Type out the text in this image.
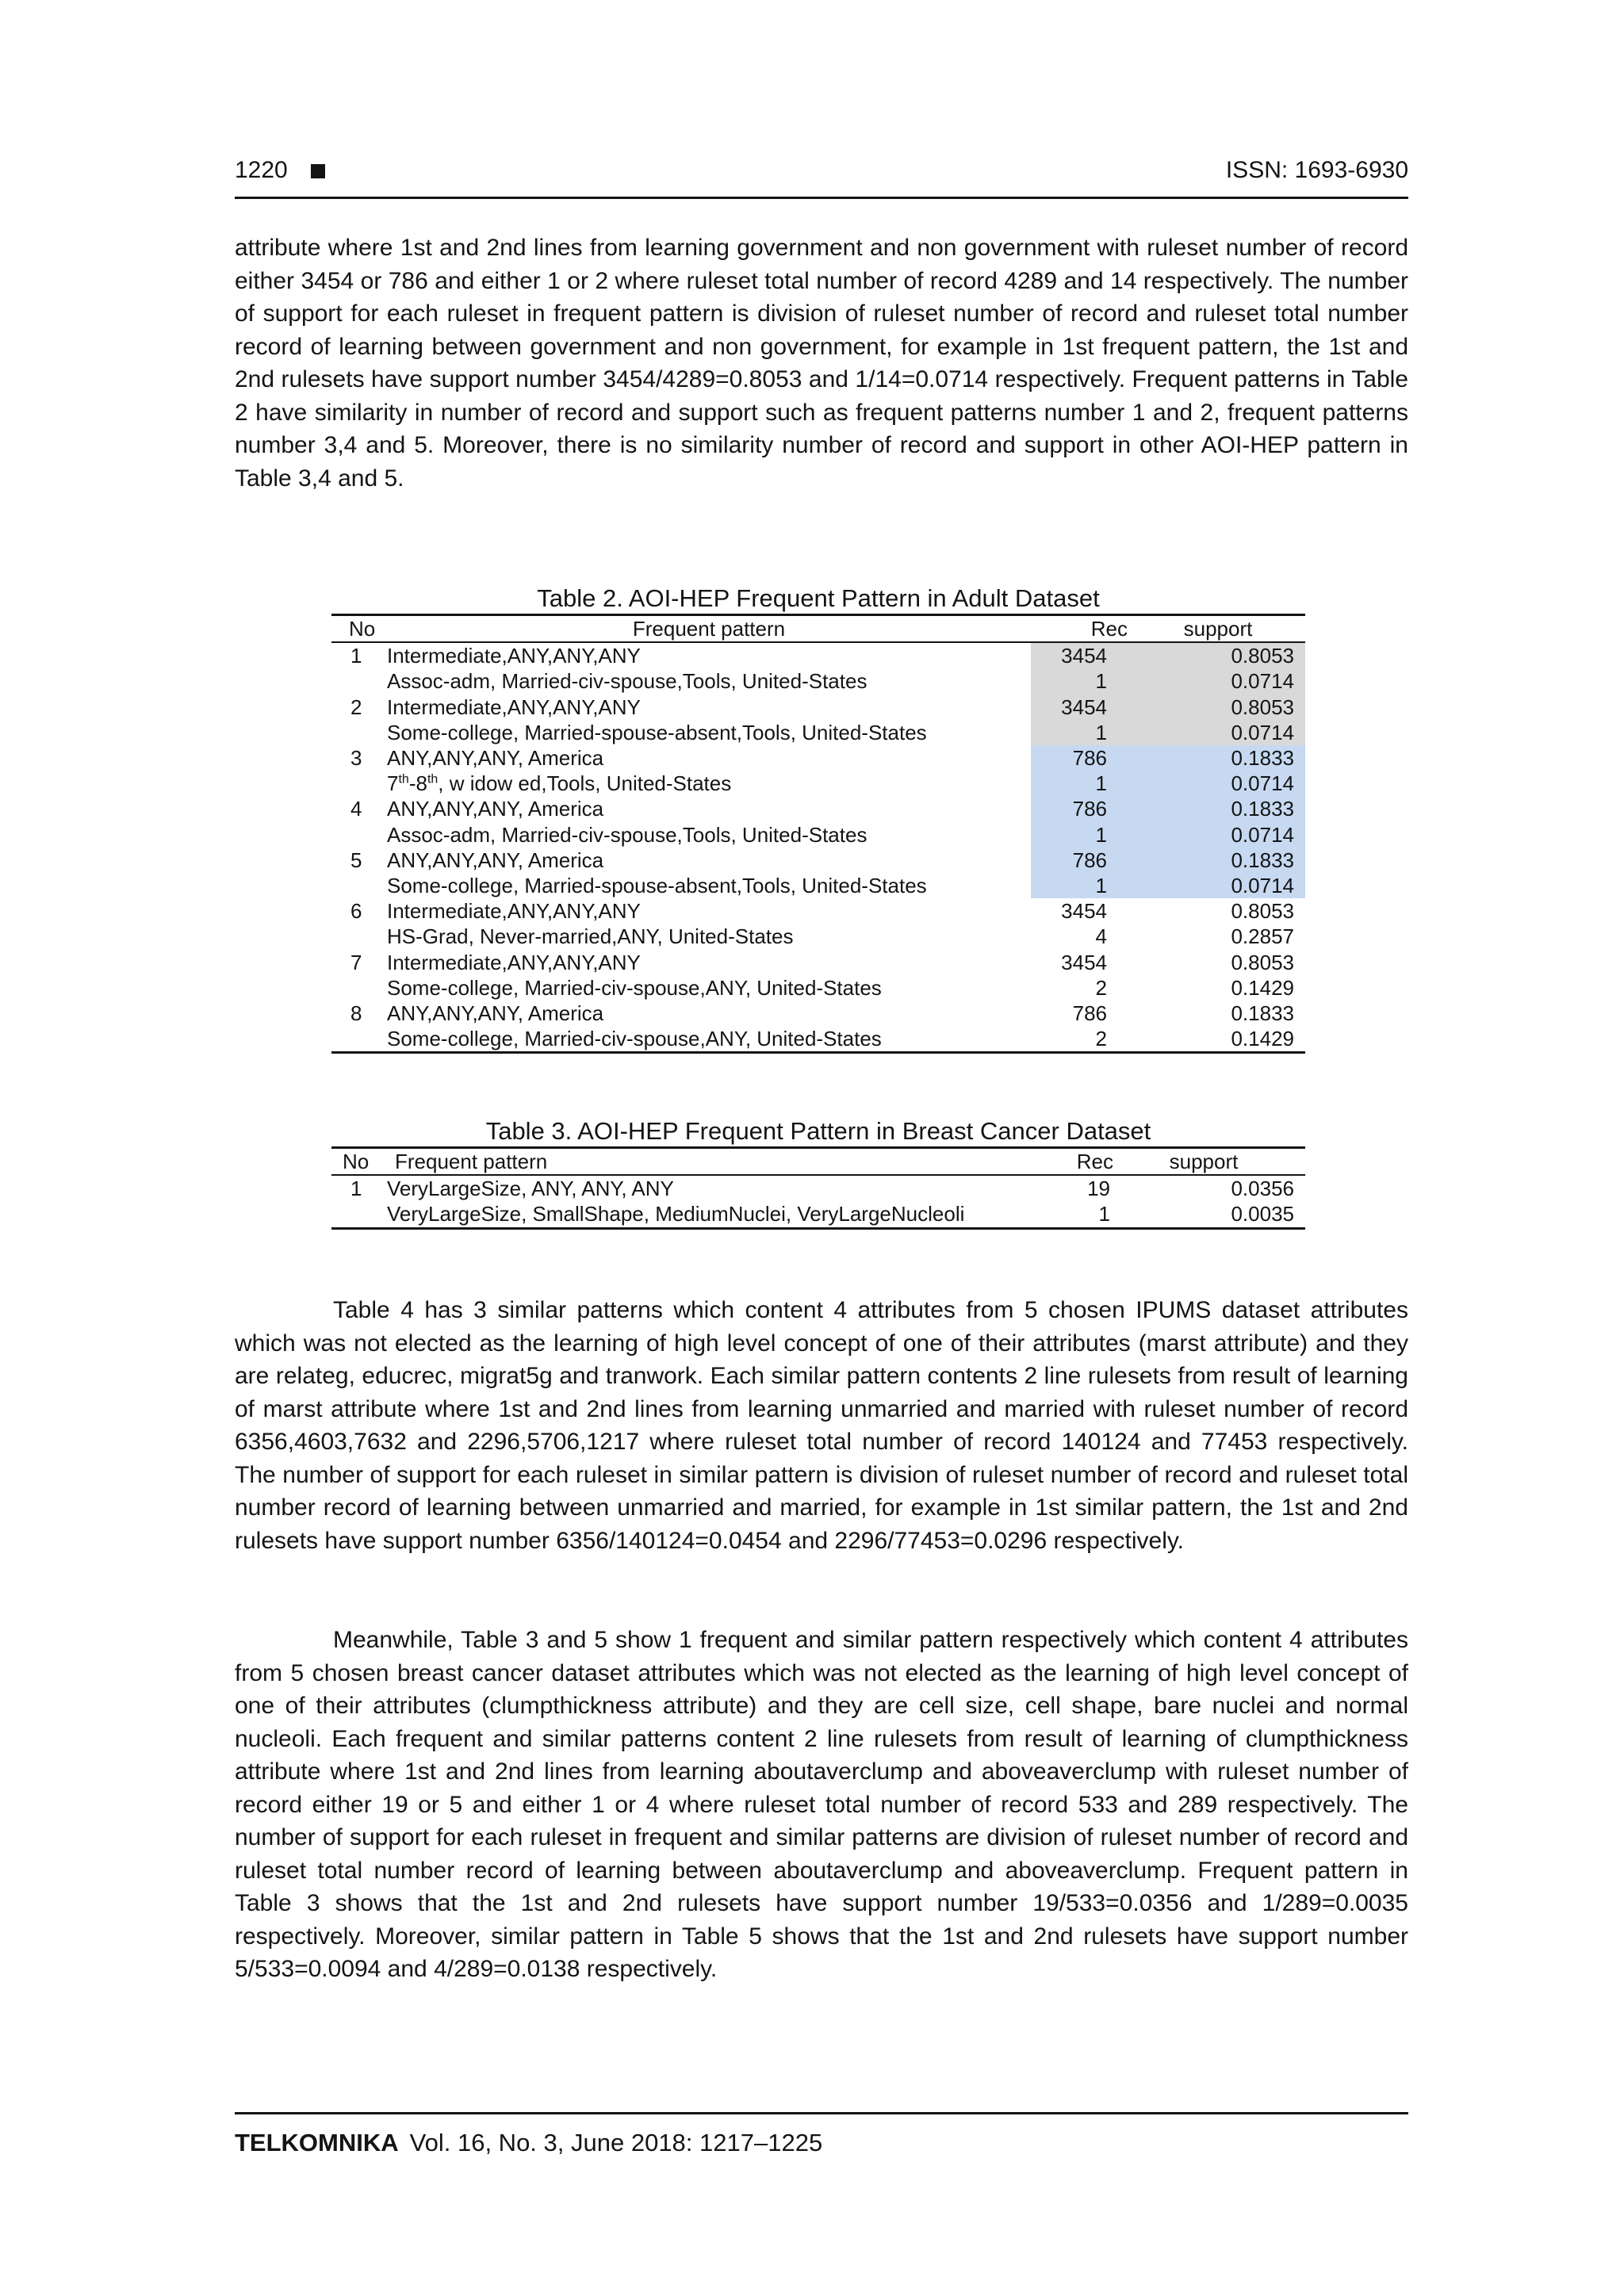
1220	ISSN: 1693-6930

attribute where 1st and 2nd lines from learning government and non government with ruleset number of record either 3454 or 786 and either 1 or 2 where ruleset total number of record 4289 and 14 respectively. The number of support for each ruleset in frequent pattern is division of ruleset number of record and ruleset total number record of learning between government and non government, for example in 1st frequent pattern, the 1st and 2nd rulesets have support number 3454/4289=0.8053 and 1/14=0.0714 respectively. Frequent patterns in Table 2 have similarity in number of record and support such as frequent patterns number 1 and 2, frequent patterns number 3,4 and 5. Moreover, there is no similarity number of record and support in other AOI-HEP pattern in Table 3,4 and 5.

Table 2. AOI-HEP Frequent Pattern in Adult Dataset
No	Frequent pattern	Rec	support
1	Intermediate,ANY,ANY,ANY	3454	0.8053
	Assoc-adm, Married-civ-spouse,Tools, United-States	1	0.0714
2	Intermediate,ANY,ANY,ANY	3454	0.8053
	Some-college, Married-spouse-absent,Tools, United-States	1	0.0714
3	ANY,ANY,ANY, America	786	0.1833
	7th-8th, w idow ed,Tools, United-States	1	0.0714
4	ANY,ANY,ANY, America	786	0.1833
	Assoc-adm, Married-civ-spouse,Tools, United-States	1	0.0714
5	ANY,ANY,ANY, America	786	0.1833
	Some-college, Married-spouse-absent,Tools, United-States	1	0.0714
6	Intermediate,ANY,ANY,ANY	3454	0.8053
	HS-Grad, Never-married,ANY, United-States	4	0.2857
7	Intermediate,ANY,ANY,ANY	3454	0.8053
	Some-college, Married-civ-spouse,ANY, United-States	2	0.1429
8	ANY,ANY,ANY, America	786	0.1833
	Some-college, Married-civ-spouse,ANY, United-States	2	0.1429
Table 3. AOI-HEP Frequent Pattern in Breast Cancer Dataset
No	Frequent pattern	Rec	support
1	VeryLargeSize, ANY, ANY, ANY	19	0.0356
	VeryLargeSize, SmallShape, MediumNuclei, VeryLargeNucleoli	1	0.0035

Table 4 has 3 similar patterns which content 4 attributes from 5 chosen IPUMS dataset attributes which was not elected as the learning of high level concept of one of their attributes (marst attribute) and they are relateg, educrec, migrat5g and tranwork. Each similar pattern contents 2 line rulesets from result of learning of marst attribute where 1st and 2nd lines from learning unmarried and married with ruleset number of record 6356,4603,7632 and 2296,5706,1217 where ruleset total number of record 140124 and 77453 respectively. The number of support for each ruleset in similar pattern is division of ruleset number of record and ruleset total number record of learning between unmarried and married, for example in 1st similar pattern, the 1st and 2nd rulesets have support number 6356/140124=0.0454 and 2296/77453=0.0296 respectively.

Meanwhile, Table 3 and 5 show 1 frequent and similar pattern respectively which content 4 attributes from 5 chosen breast cancer dataset attributes which was not elected as the learning of high level concept of one of their attributes (clumpthickness attribute) and they are cell size, cell shape, bare nuclei and normal nucleoli. Each frequent and similar patterns content 2 line rulesets from result of learning of clumpthickness attribute where 1st and 2nd lines from learning aboutaverclump and aboveaverclump with ruleset number of record either 19 or 5 and either 1 or 4 where ruleset total number of record 533 and 289 respectively. The number of support for each ruleset in frequent and similar patterns are division of ruleset number of record and ruleset total number record of learning between aboutaverclump and aboveaverclump. Frequent pattern in Table 3 shows that the 1st and 2nd rulesets have support number 19/533=0.0356 and 1/289=0.0035 respectively. Moreover, similar pattern in Table 5 shows that the 1st and 2nd rulesets have support number 5/533=0.0094 and 4/289=0.0138 respectively.

TELKOMNIKA Vol. 16, No. 3, June 2018: 1217–1225
